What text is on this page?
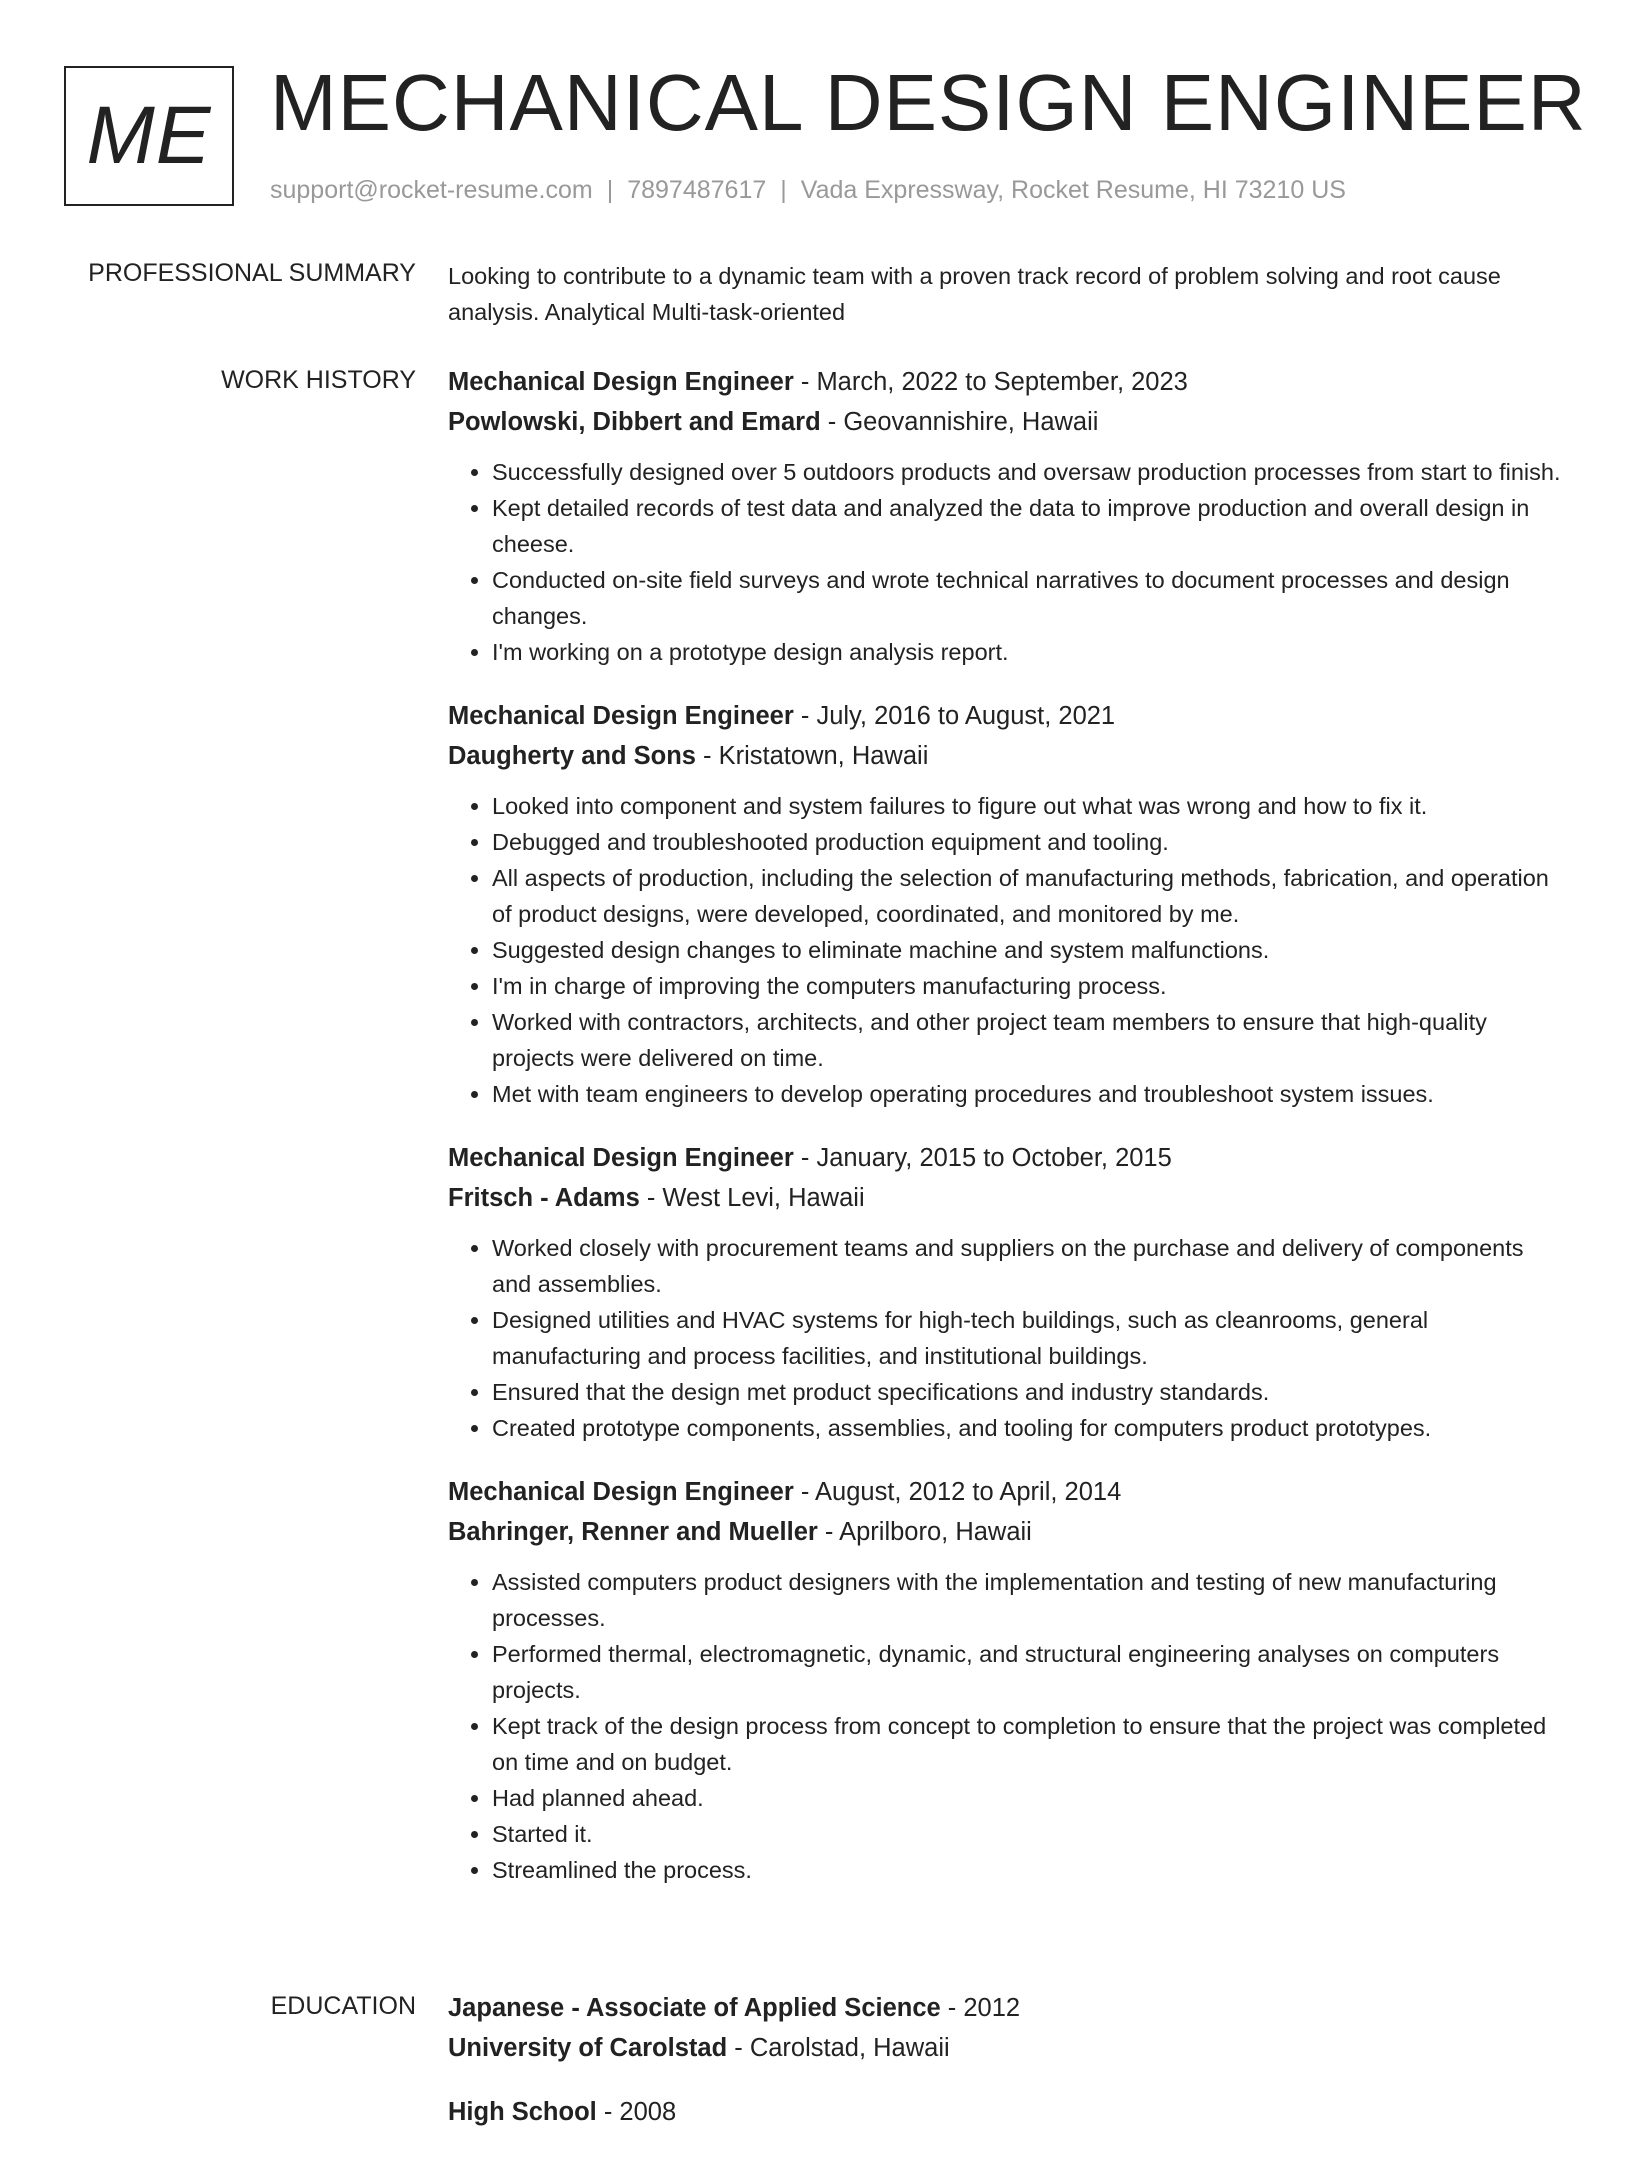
ME MECHANICAL DESIGN ENGINEER
support@rocket-resume.com | 7897487617 | Vada Expressway, Rocket Resume, HI 73210 US
PROFESSIONAL SUMMARY Looking to contribute to a dynamic team with a proven track record of problem solving and root cause analysis. Analytical Multi-task-oriented

WORK HISTORY Mechanical Design Engineer - March, 2022 to September, 2023

Powlowski, Dibbert and Emard - Geovannishire, Hawaii

• Successfully designed over 5 outdoors products and oversaw production processes from start to finish.
• Kept detailed records of test data and analyzed the data to improve production and overall design in cheese.
• Conducted on-site field surveys and wrote technical narratives to document processes and design changes.
• I'm working on a prototype design analysis report.

Mechanical Design Engineer - July, 2016 to August, 2021

Daugherty and Sons - Kristatown, Hawaii

• Looked into component and system failures to figure out what was wrong and how to fix it.
• Debugged and troubleshooted production equipment and tooling.
• All aspects of production, including the selection of manufacturing methods, fabrication, and operation of product designs, were developed, coordinated, and monitored by me.
• Suggested design changes to eliminate machine and system malfunctions.
• I'm in charge of improving the computers manufacturing process.
• Worked with contractors, architects, and other project team members to ensure that high-quality projects were delivered on time.
• Met with team engineers to develop operating procedures and troubleshoot system issues.

Mechanical Design Engineer - January, 2015 to October, 2015

Fritsch - Adams - West Levi, Hawaii

• Worked closely with procurement teams and suppliers on the purchase and delivery of components and assemblies.
• Designed utilities and HVAC systems for high-tech buildings, such as cleanrooms, general manufacturing and process facilities, and institutional buildings.
• Ensured that the design met product specifications and industry standards.
• Created prototype components, assemblies, and tooling for computers product prototypes.

Mechanical Design Engineer - August, 2012 to April, 2014

Bahringer, Renner and Mueller - Aprilboro, Hawaii

• Assisted computers product designers with the implementation and testing of new manufacturing processes.
• Performed thermal, electromagnetic, dynamic, and structural engineering analyses on computers projects.
• Kept track of the design process from concept to completion to ensure that the project was completed on time and on budget.
• Had planned ahead.
• Started it.
• Streamlined the process.
EDUCATION Japanese - Associate of Applied Science - 2012

University of Carolstad - Carolstad, Hawaii

High School - 2008
